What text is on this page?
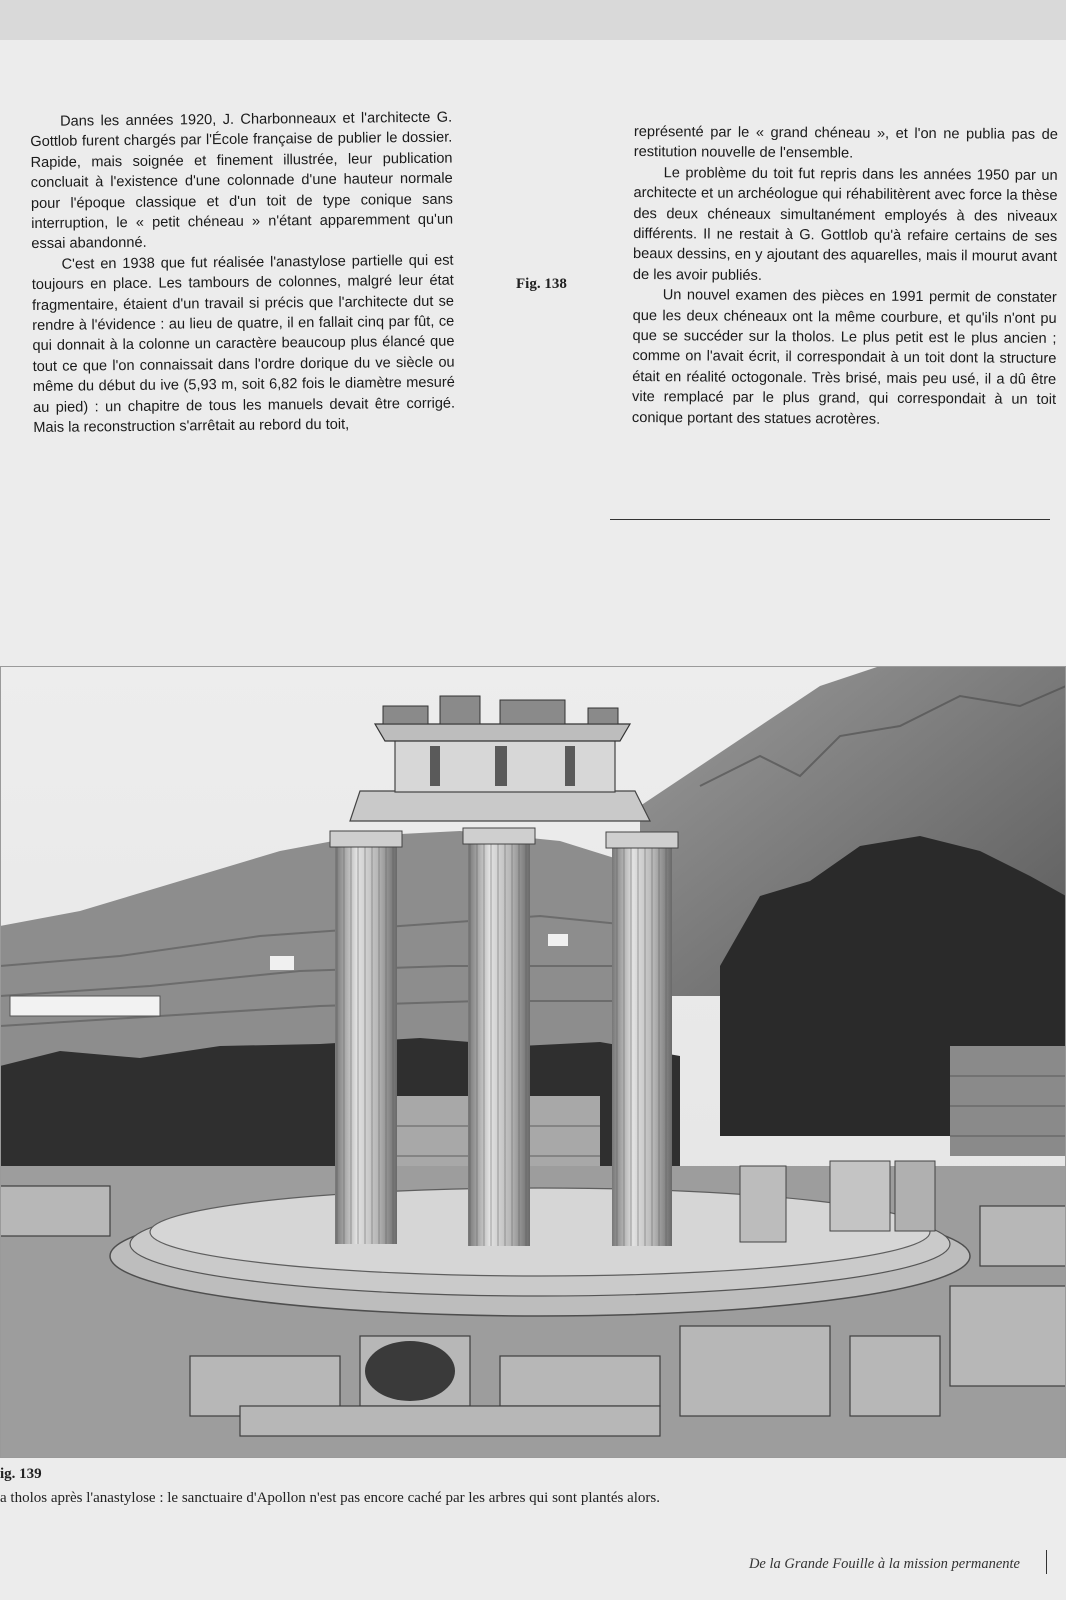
Dans les années 1920, J. Charbonneaux et l'architecte G. Gottlob furent chargés par l'École française de publier le dossier. Rapide, mais soignée et finement illustrée, leur publication concluait à l'existence d'une colonnade d'une hauteur normale pour l'époque classique et d'un toit de type conique sans interruption, le « petit chéneau » n'étant apparemment qu'un essai abandonné.

C'est en 1938 que fut réalisée l'anastylose partielle qui est toujours en place. Les tambours de colonnes, malgré leur état fragmentaire, étaient d'un travail si précis que l'architecte dut se rendre à l'évidence : au lieu de quatre, il en fallait cinq par fût, ce qui donnait à la colonne un caractère beaucoup plus élancé que tout ce que l'on connaissait dans l'ordre dorique du ve siècle ou même du début du ive (5,93 m, soit 6,82 fois le diamètre mesuré au pied) : un chapitre de tous les manuels devait être corrigé. Mais la reconstruction s'arrêtait au rebord du toit,

Fig. 138

représenté par le « grand chéneau », et l'on ne publia pas de restitution nouvelle de l'ensemble.

Le problème du toit fut repris dans les années 1950 par un architecte et un archéologue qui réhabilitèrent avec force la thèse des deux chéneaux simultanément employés à des niveaux différents. Il ne restait à G. Gottlob qu'à refaire certains de ses beaux dessins, en y ajoutant des aquarelles, mais il mourut avant de les avoir publiés.

Un nouvel examen des pièces en 1991 permit de constater que les deux chéneaux ont la même courbure, et qu'ils n'ont pu que se succéder sur la tholos. Le plus petit est le plus ancien ; comme on l'avait écrit, il correspondait à un toit dont la structure était en réalité octogonale. Très brisé, mais peu usé, il a dû être vite remplacé par le plus grand, qui correspondait à un toit conique portant des statues acrotères.

ig. 139
a tholos après l'anastylose : le sanctuaire d'Apollon n'est pas encore caché par les arbres qui sont plantés alors.
De la Grande Fouille à la mission permanente
